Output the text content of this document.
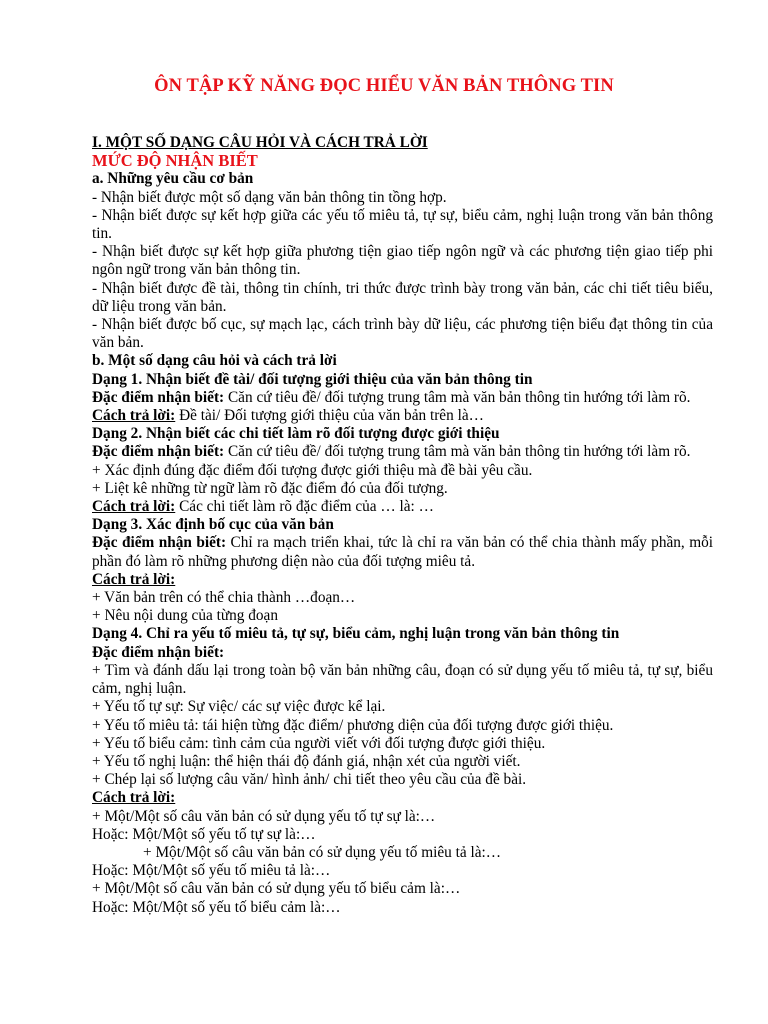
ÔN TẬP KỸ NĂNG ĐỌC HIỂU VĂN BẢN THÔNG TIN

I. MỘT SỐ DẠNG CÂU HỎI VÀ CÁCH TRẢ LỜI

MỨC ĐỘ NHẬN BIẾT

a. Những yêu cầu cơ bản

- Nhận biết được một số dạng văn bản thông tin tồng hợp.

- Nhận biết được sự kết hợp giữa các yếu tố miêu tả, tự sự, biểu cảm, nghị luận trong văn bản thông tin.

- Nhận biết được sự kết hợp giữa phương tiện giao tiếp ngôn ngữ và các phương tiện giao tiếp phi ngôn ngữ trong văn bản thông tin.

- Nhận biết được đề tài, thông tin chính, tri thức được trình bày trong văn bản, các chi tiết tiêu biểu, dữ liệu trong văn bản.

- Nhận biết được bố cục, sự mạch lạc, cách trình bày dữ liệu, các phương tiện biểu đạt thông tin của văn bản.

b. Một số dạng câu hỏi và cách trả lời

Dạng 1. Nhận biết đề tài/ đối tượng giới thiệu của văn bản thông tin

Đặc điểm nhận biết: Căn cứ tiêu đề/ đối tượng trung tâm mà văn bản thông tin hướng tới làm rõ.

Cách trả lời: Đề tài/ Đối tượng giới thiệu của văn bản trên là…

Dạng 2. Nhận biết các chi tiết làm rõ đối tượng được giới thiệu

Đặc điểm nhận biết: Căn cứ tiêu đề/ đối tượng trung tâm mà văn bản thông tin hướng tới làm rõ.

+ Xác định đúng đặc điểm đối tượng được giới thiệu mà đề bài yêu cầu.

+ Liệt kê những từ ngữ làm rõ đặc điểm đó của đối tượng.

Cách trả lời: Các chi tiết làm rõ đặc điểm của … là: …

Dạng 3. Xác định bố cục của văn bản

Đặc điểm nhận biết: Chỉ ra mạch triển khai, tức là chỉ ra văn bản có thể chia thành mấy phần, mỗi phần đó làm rõ những phương diện nào của đối tượng miêu tả.

Cách trả lời:

+ Văn bản trên có thể chia thành …đoạn…

+ Nêu nội dung của từng đoạn

Dạng 4. Chỉ ra yếu tố miêu tả, tự sự, biểu cảm, nghị luận trong văn bản thông tin

Đặc điểm nhận biết:

+ Tìm và đánh dấu lại trong toàn bộ văn bản những câu, đoạn có sử dụng yếu tố miêu tả, tự sự, biểu cảm, nghị luận.

+ Yếu tố tự sự: Sự việc/ các sự việc được kể lại.

+ Yếu tố miêu tả: tái hiện từng đặc điểm/ phương diện của đối tượng được giới thiệu.

+ Yếu tố biểu cảm: tình cảm của người viết với đối tượng được giới thiệu.

+ Yếu tố nghị luận: thể hiện thái độ đánh giá, nhận xét của người viết.

+ Chép lại số lượng câu văn/ hình ảnh/ chi tiết theo yêu cầu của đề bài.

Cách trả lời:

+ Một/Một số câu văn bản có sử dụng yếu tố tự sự là:…

Hoặc: Một/Một số yếu tố tự sự là:…

+ Một/Một số câu văn bản có sử dụng yếu tố miêu tả là:…

Hoặc: Một/Một số yếu tố miêu tả là:…

+ Một/Một số câu văn bản có sử dụng yếu tố biểu cảm là:…

Hoặc: Một/Một số yếu tố biểu cảm là:…
